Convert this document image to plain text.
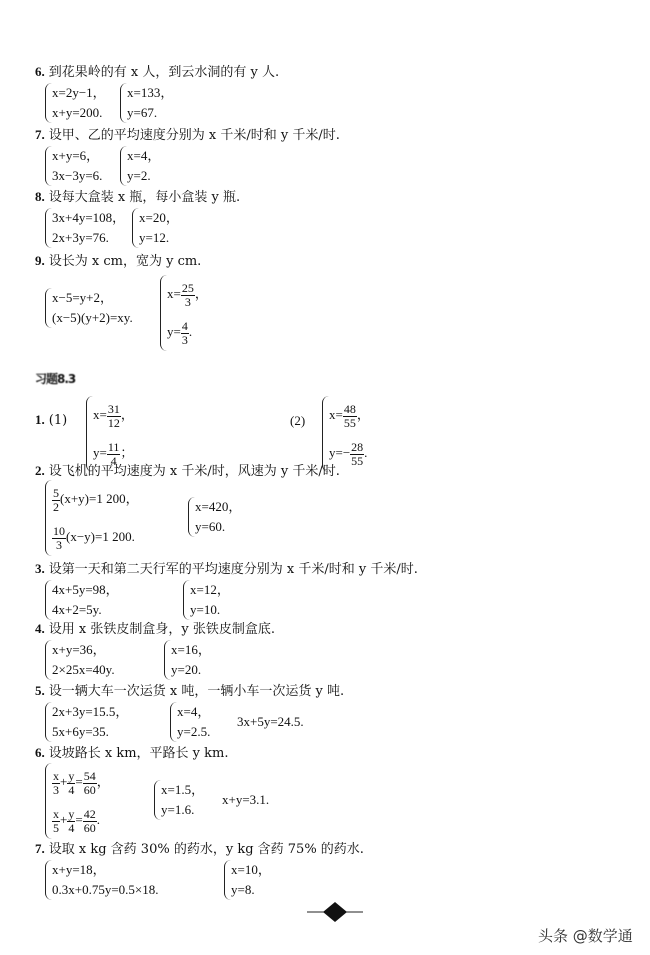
6. 到花果岭的有 x 人，到云水洞的有 y 人.
x=2y−1，
x+y=200.
x=133，
y=67.
7. 设甲、乙的平均速度分别为 x 千米/时和 y 千米/时.
x+y=6，
3x−3y=6.
x=4，
y=2.
8. 设每大盒装 x 瓶，每小盒装 y 瓶.
3x+4y=108，
2x+3y=76.
x=20，
y=12.
9. 设长为 x cm，宽为 y cm.
x−5=y+2，
(x−5)(y+2)=xy.
$x= \frac{25}{3}$ ，
$y= \frac{4}{3}$ .
习题8.3
1. (1) $x= \frac{31}{12}$ ，
$y= \frac{11}{4}$ ；
(2) $x= \frac{48}{55}$ ，
$y=- \frac{28}{55}$ .
2. 设飞机的平均速度为 x 千米/时，风速为 y 千米/时.
$\frac{5}{2} (x+y)=1$ 200，
$\frac{10}{3} (x-y)=1$ 200.
x=420，
y=60.
3. 设第一天和第二天行军的平均速度分别为 x 千米/时和 y 千米/时.
4x+5y=98，
4x+2=5y.
x=12，
y=10.
4. 设用 x 张铁皮制盒身，y 张铁皮制盒底.
x+y=36，
2×25x=40y.
x=16，
y=20.
5. 设一辆大车一次运货 x 吨，一辆小车一次运货 y 吨.
2x+3y=15.5，
5x+6y=35.
x=4，
y=2.5.
3x+5y=24.5.
6. 设坡路长 x km，平路长 y km.
$\frac{x}{3} + \frac{y}{4} = \frac{54}{60}$ ，
$\frac{x}{5} + \frac{y}{4} = \frac{42}{60}$ .
x=1.5，
y=1.6.
x+y=3.1.
7. 设取 x kg 含药 30% 的药水，y kg 含药 75% 的药水.
x+y=18，
0.3x+0.75y=0.5×18.
x=10，
y=8.
头条 @数学通
